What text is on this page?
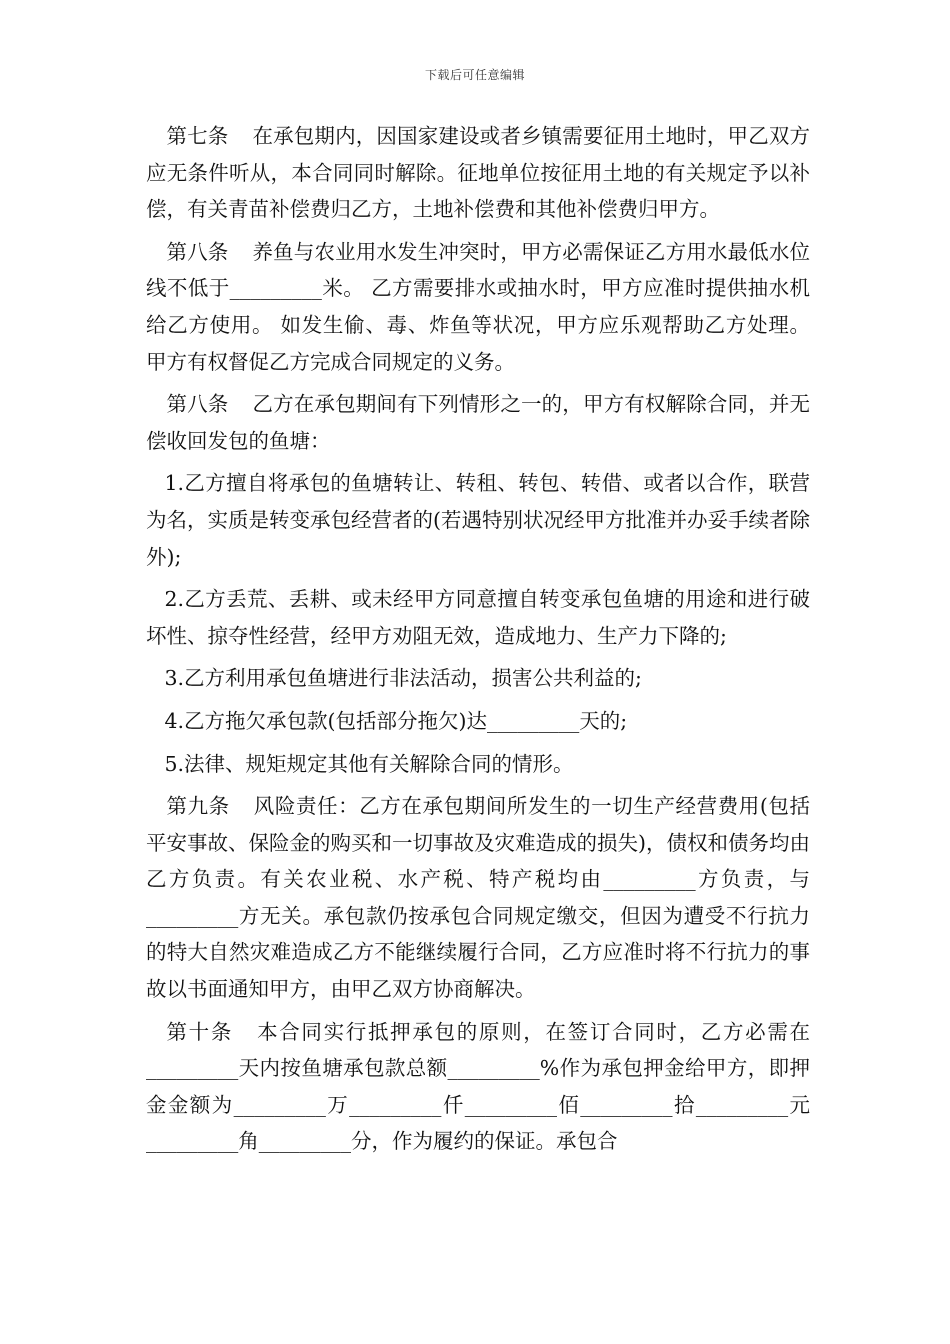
下载后可任意编辑

第七条 在承包期内，因国家建设或者乡镇需要征用土地时，甲乙双方应无条件听从，本合同同时解除。征地单位按征用土地的有关规定予以补偿，有关青苗补偿费归乙方，土地补偿费和其他补偿费归甲方。

第八条 养鱼与农业用水发生冲突时，甲方必需保证乙方用水最低水位线不低于_________米。 乙方需要排水或抽水时，甲方应准时提供抽水机给乙方使用。 如发生偷、毒、炸鱼等状况，甲方应乐观帮助乙方处理。 甲方有权督促乙方完成合同规定的义务。

第八条 乙方在承包期间有下列情形之一的，甲方有权解除合同，并无偿收回发包的鱼塘：

1.乙方擅自将承包的鱼塘转让、转租、转包、转借、或者以合作，联营为名，实质是转变承包经营者的(若遇特别状况经甲方批准并办妥手续者除外);

2.乙方丢荒、丢耕、或未经甲方同意擅自转变承包鱼塘的用途和进行破坏性、掠夺性经营，经甲方劝阻无效，造成地力、生产力下降的;

3.乙方利用承包鱼塘进行非法活动，损害公共利益的;

4.乙方拖欠承包款(包括部分拖欠)达_________天的;

5.法律、规矩规定其他有关解除合同的情形。

第九条 风险责任：乙方在承包期间所发生的一切生产经营费用(包括平安事故、保险金的购买和一切事故及灾难造成的损失)，债权和债务均由乙方负责。有关农业税、水产税、特产税均由_________方负责，与_________方无关。承包款仍按承包合同规定缴交，但因为遭受不行抗力的特大自然灾难造成乙方不能继续履行合同，乙方应准时将不行抗力的事故以书面通知甲方，由甲乙双方协商解决。

第十条 本合同实行抵押承包的原则，在签订合同时，乙方必需在_________天内按鱼塘承包款总额_________%作为承包押金给甲方，即押金金额为_________万_________仟_________佰_________拾_________元_________角_________分，作为履约的保证。承包合
